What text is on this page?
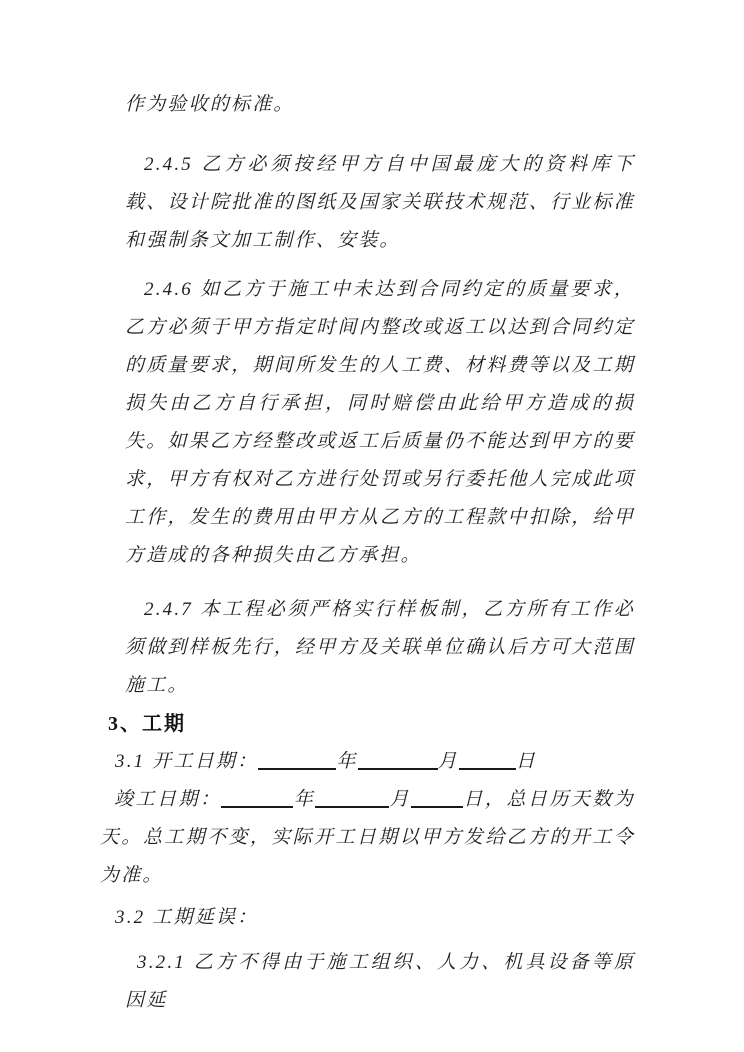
作为验收的标准。

2.4.5 乙方必须按经甲方自中国最庞大的资料库下载、设计院批准的图纸及国家关联技术规范、行业标准和强制条文加工制作、安装。

2.4.6 如乙方于施工中未达到合同约定的质量要求，乙方必须于甲方指定时间内整改或返工以达到合同约定的质量要求，期间所发生的人工费、材料费等以及工期损失由乙方自行承担，同时赔偿由此给甲方造成的损失。如果乙方经整改或返工后质量仍不能达到甲方的要求，甲方有权对乙方进行处罚或另行委托他人完成此项工作，发生的费用由甲方从乙方的工程款中扣除，给甲方造成的各种损失由乙方承担。

2.4.7 本工程必须严格实行样板制，乙方所有工作必须做到样板先行，经甲方及关联单位确认后方可大范围施工。

3、工期

3.1 开工日期：	年	月	日

竣工日期：	年	月	日，总日历天数为天。总工期不变，实际开工日期以甲方发给乙方的开工令为准。

3.2 工期延误：

3.2.1 乙方不得由于施工组织、人力、机具设备等原因延
